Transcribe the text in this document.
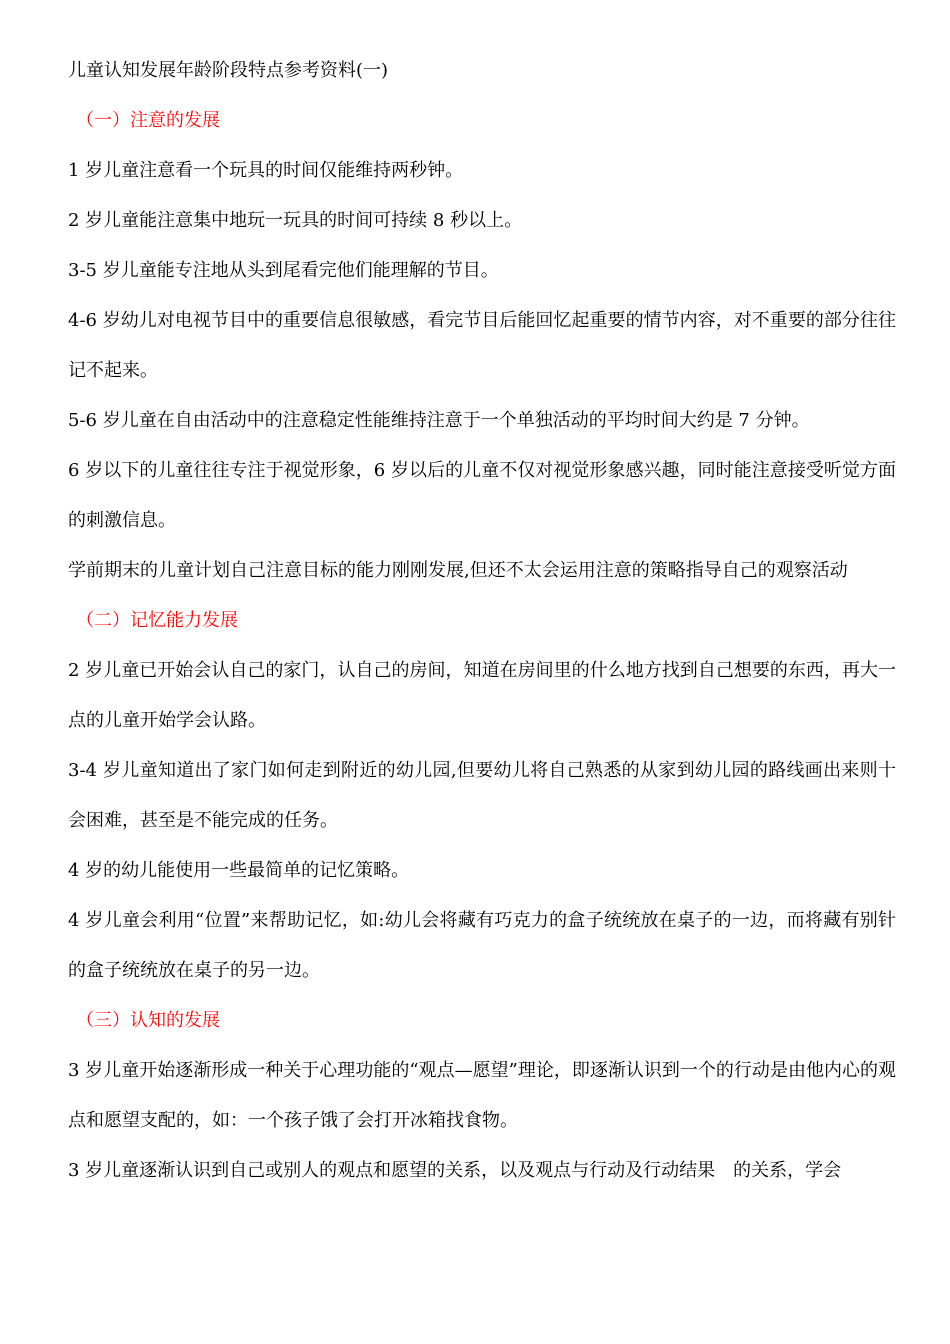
儿童认知发展年龄阶段特点参考资料(一)

（一）注意的发展

1 岁儿童注意看一个玩具的时间仅能维持两秒钟。

2 岁儿童能注意集中地玩一玩具的时间可持续 8 秒以上。

3-5 岁儿童能专注地从头到尾看完他们能理解的节目。

4-6 岁幼儿对电视节目中的重要信息很敏感，看完节目后能回忆起重要的情节内容，对不重要的部分往往记不起来。

5-6 岁儿童在自由活动中的注意稳定性能维持注意于一个单独活动的平均时间大约是 7 分钟。

6 岁以下的儿童往往专注于视觉形象，6 岁以后的儿童不仅对视觉形象感兴趣，同时能注意接受听觉方面的刺激信息。

学前期末的儿童计划自己注意目标的能力刚刚发展,但还不太会运用注意的策略指导自己的观察活动

（二）记忆能力发展

2 岁儿童已开始会认自己的家门，认自己的房间，知道在房间里的什么地方找到自己想要的东西，再大一点的儿童开始学会认路。

3-4 岁儿童知道出了家门如何走到附近的幼儿园,但要幼儿将自己熟悉的从家到幼儿园的路线画出来则十会困难，甚至是不能完成的任务。

4 岁的幼儿能使用一些最简单的记忆策略。

4 岁儿童会利用“位置”来帮助记忆，如:幼儿会将藏有巧克力的盒子统统放在桌子的一边，而将藏有别针的盒子统统放在桌子的另一边。

（三）认知的发展

3 岁儿童开始逐渐形成一种关于心理功能的“观点—愿望”理论，即逐渐认识到一个的行动是由他内心的观点和愿望支配的，如：一个孩子饿了会打开冰箱找食物。

3 岁儿童逐渐认识到自己或别人的观点和愿望的关系，以及观点与行动及行动结果　的关系，学会
